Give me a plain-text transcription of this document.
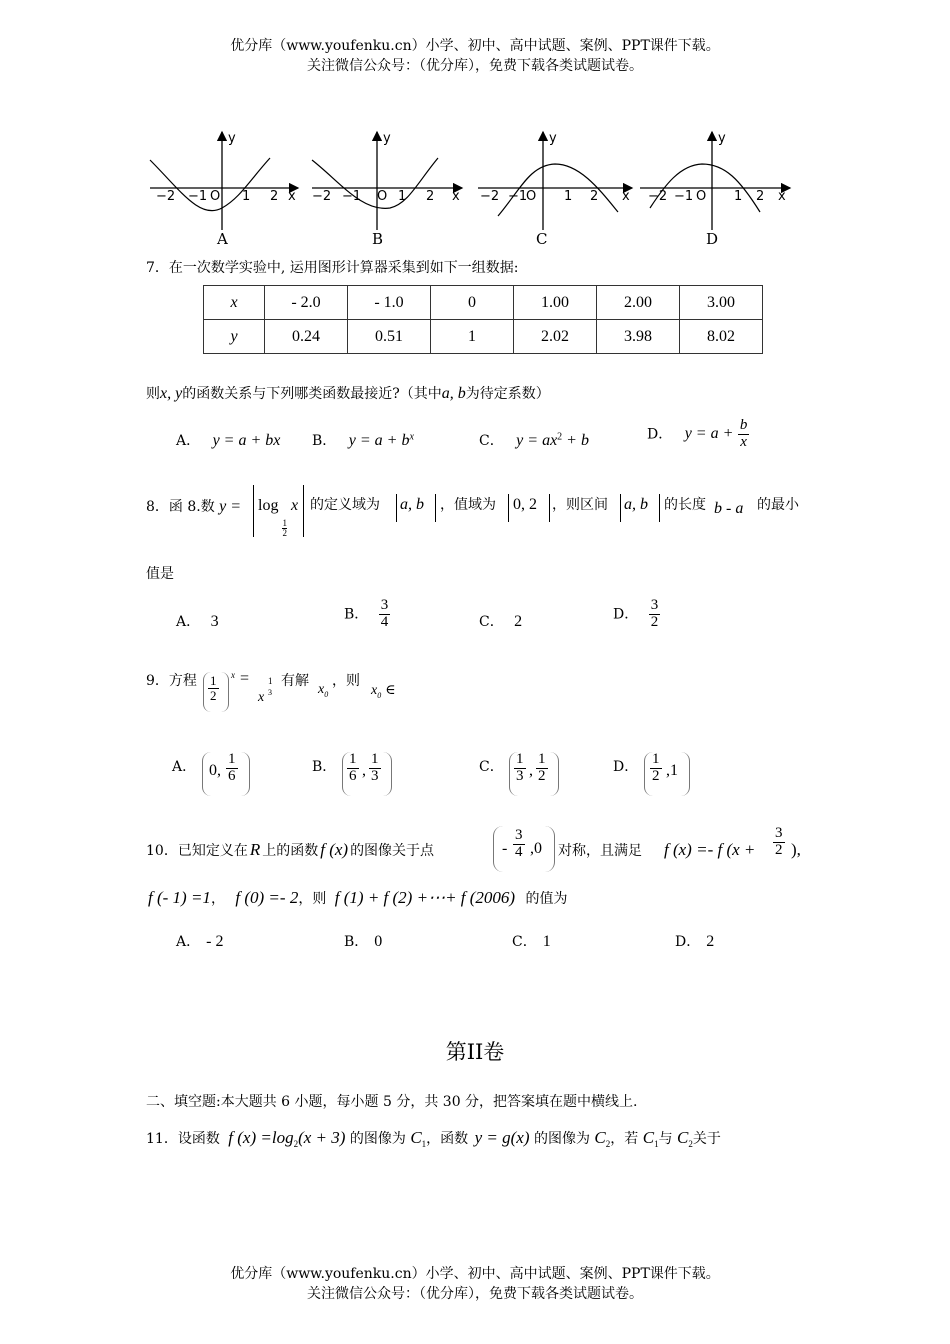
优分库（www.youfenku.cn）小学、初中、高中试题、案例、PPT课件下载。
关注微信公众号：（优分库），免费下载各类试题试卷。
−2 −1 O 1 2 x
y
A
−2 −1 O 1 2 x
y
B
−2 −1
O 1 2 x
y
C
−2 −1 O 1 2 x
y
D
7．在一次数学实验中, 运用图形计算器采集到如下一组数据:
x	- 2.0	- 1.0	0	1.00	2.00	3.00
y	0.24	0.51	1	2.02	3.98	8.02
则x, y的函数关系与下列哪类函数最接近?（其中a, b为待定系数）
A． y = a + bx B． $y = a + b^x$	C． $y = ax^2 + b$	D． $y = a + \frac{b}{x}$
8．函 8.数 y = log
$\frac{1}{2}$
x 的定义域为 a, b ，值域为 0, 2 ，则区间 a, b 的长度 b - a 的最小
值是
A． 3	B． $\frac{3}{4}$	C． 2	D． $\frac{3}{2}$
9．方程 $\frac{1}{2}$ x = 1
x 3
有解
$x_0$
，则
$x_0$ ∈
A． 0, $\frac{1}{6}$	B． $\frac{1}{6}$ , $\frac{1}{3}$	C． $\frac{1}{3}$ , $\frac{1}{2}$	D． $\frac{1}{2} ,1$
10．已知定义在 R 上的函数 f (x) 的图像关于点	- $\frac{3}{4} ,0$ 对称，且满足 f (x) =- f ($x + \frac{3}{2}$ ),
f (- 1) =1， f (0) =- 2，则 f (1) + f (2) +⋯+ f (2006) 的值为
A． - 2	B． 0	C． 1	D． 2
第II卷
二、填空题:本大题共 6 小题，每小题 5 分，共 30 分，把答案填在题中横线上.
11．设函数 f $(x) =\log_2(x + 3)$ 的图像为 $C_1$，函数 y = g(x) 的图像为 $C_2$，若 $C_1$与 $C_2$关于
优分库（www.youfenku.cn）小学、初中、高中试题、案例、PPT课件下载。
关注微信公众号：（优分库），免费下载各类试题试卷。
